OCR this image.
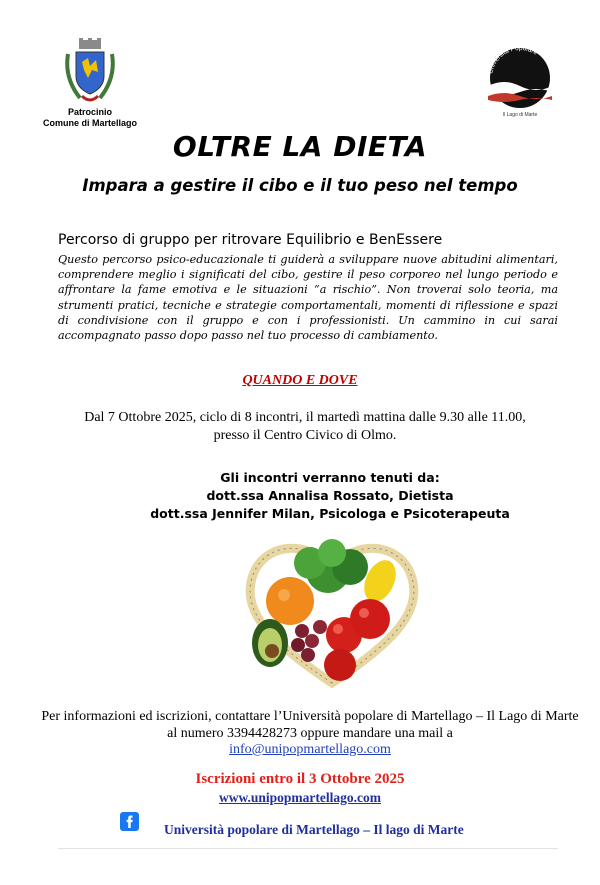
Patrocinio
Comune di Martellago
Università Popolare
Il Lago di Marte
OLTRE LA DIETA
Impara a gestire il cibo e il tuo peso nel tempo
Percorso di gruppo per ritrovare Equilibrio e BenEssere

Questo percorso psico-educazionale ti guiderà a sviluppare nuove abitudini alimentari, comprendere meglio i significati del cibo, gestire il peso corporeo nel lungo periodo e affrontare la fame emotiva e le situazioni “a rischio”. Non troverai solo teoria, ma strumenti pratici, tecniche e strategie comportamentali, momenti di riflessione e spazi di condivisione con il gruppo e con i professionisti. Un cammino in cui sarai accompagnato passo dopo passo nel tuo processo di cambiamento.

QUANDO E DOVE
Dal 7 Ottobre 2025, ciclo di 8 incontri, il martedì mattina dalle 9.30 alle 11.00, presso il Centro Civico di Olmo.
Gli incontri verranno tenuti da:
dott.ssa Annalisa Rossato, Dietista
dott.ssa Jennifer Milan, Psicologa e Psicoterapeuta
Per informazioni ed iscrizioni, contattare l’Università popolare di Martellago – Il Lago di Marte al numero 3394428273 oppure mandare una mail a
info@unipopmartellago.com
Iscrizioni entro il 3 Ottobre 2025
www.unipopmartellago.com
Università popolare di Martellago – Il lago di Marte
